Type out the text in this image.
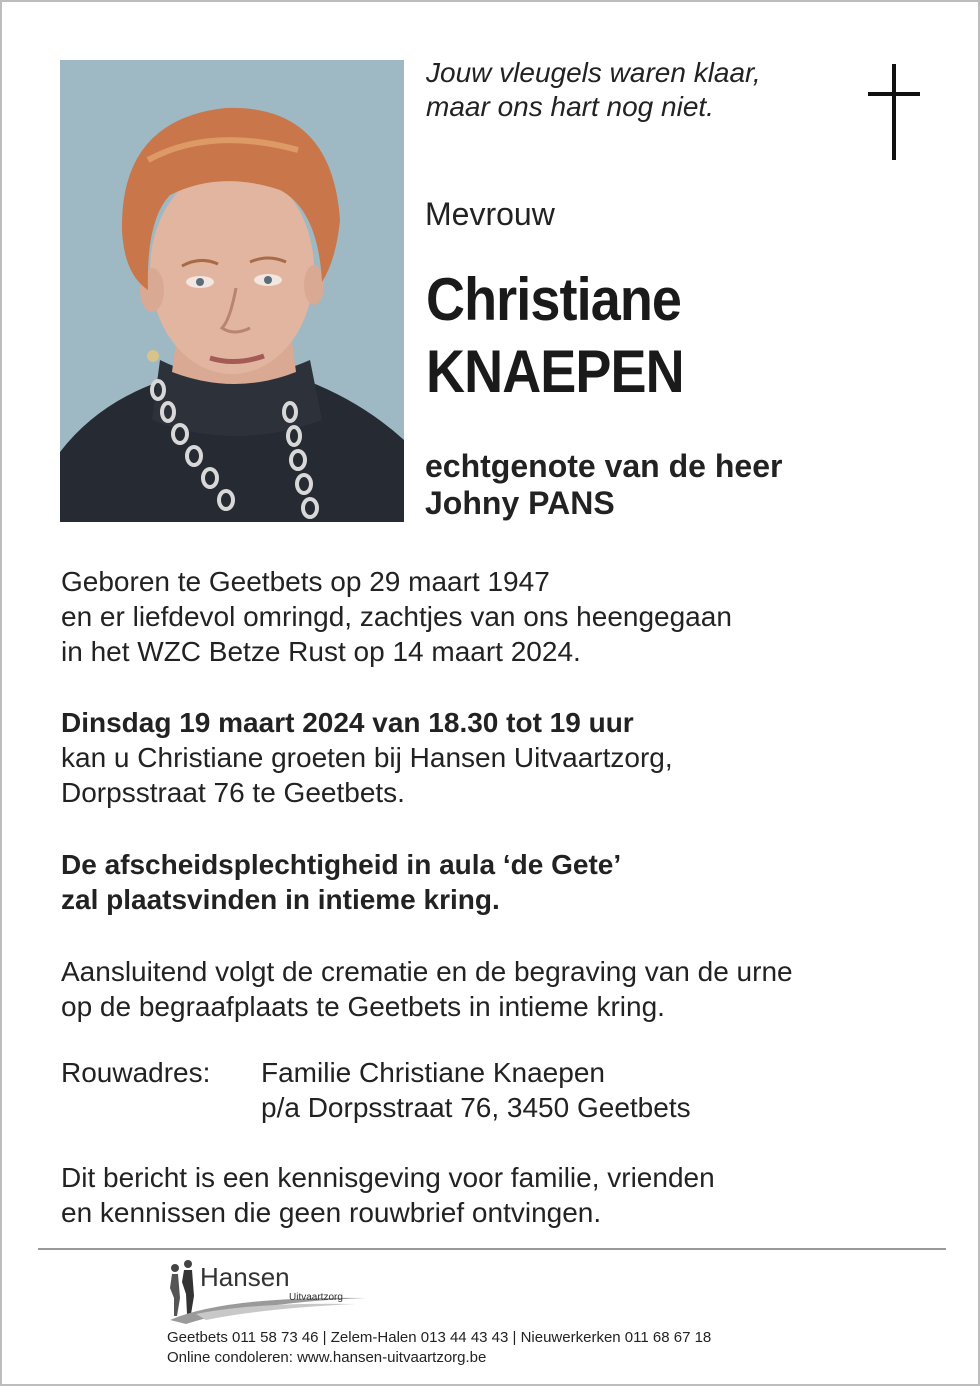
Jouw vleugels waren klaar,
maar ons hart nog niet.
Mevrouw
Christiane
KNAEPEN
echtgenote van de heer
Johny PANS
Geboren te Geetbets op 29 maart 1947
en er liefdevol omringd, zachtjes van ons heengegaan
in het WZC Betze Rust op 14 maart 2024.
Dinsdag 19 maart 2024 van 18.30 tot 19 uur
kan u Christiane groeten bij Hansen Uitvaartzorg,
Dorpsstraat 76 te Geetbets.
De afscheidsplechtigheid in aula ‘de Gete’
zal plaatsvinden in intieme kring.
Aansluitend volgt de crematie en de begraving van de urne
op de begraafplaats te Geetbets in intieme kring.
Rouwadres: Familie Christiane Knaepen
p/a Dorpsstraat 76, 3450 Geetbets
Dit bericht is een kennisgeving voor familie, vrienden
en kennissen die geen rouwbrief ontvingen.
Hansen
Uitvaartzorg
Geetbets 011 58 73 46 | Zelem-Halen 013 44 43 43 | Nieuwerkerken 011 68 67 18
Online condoleren: www.hansen-uitvaartzorg.be
